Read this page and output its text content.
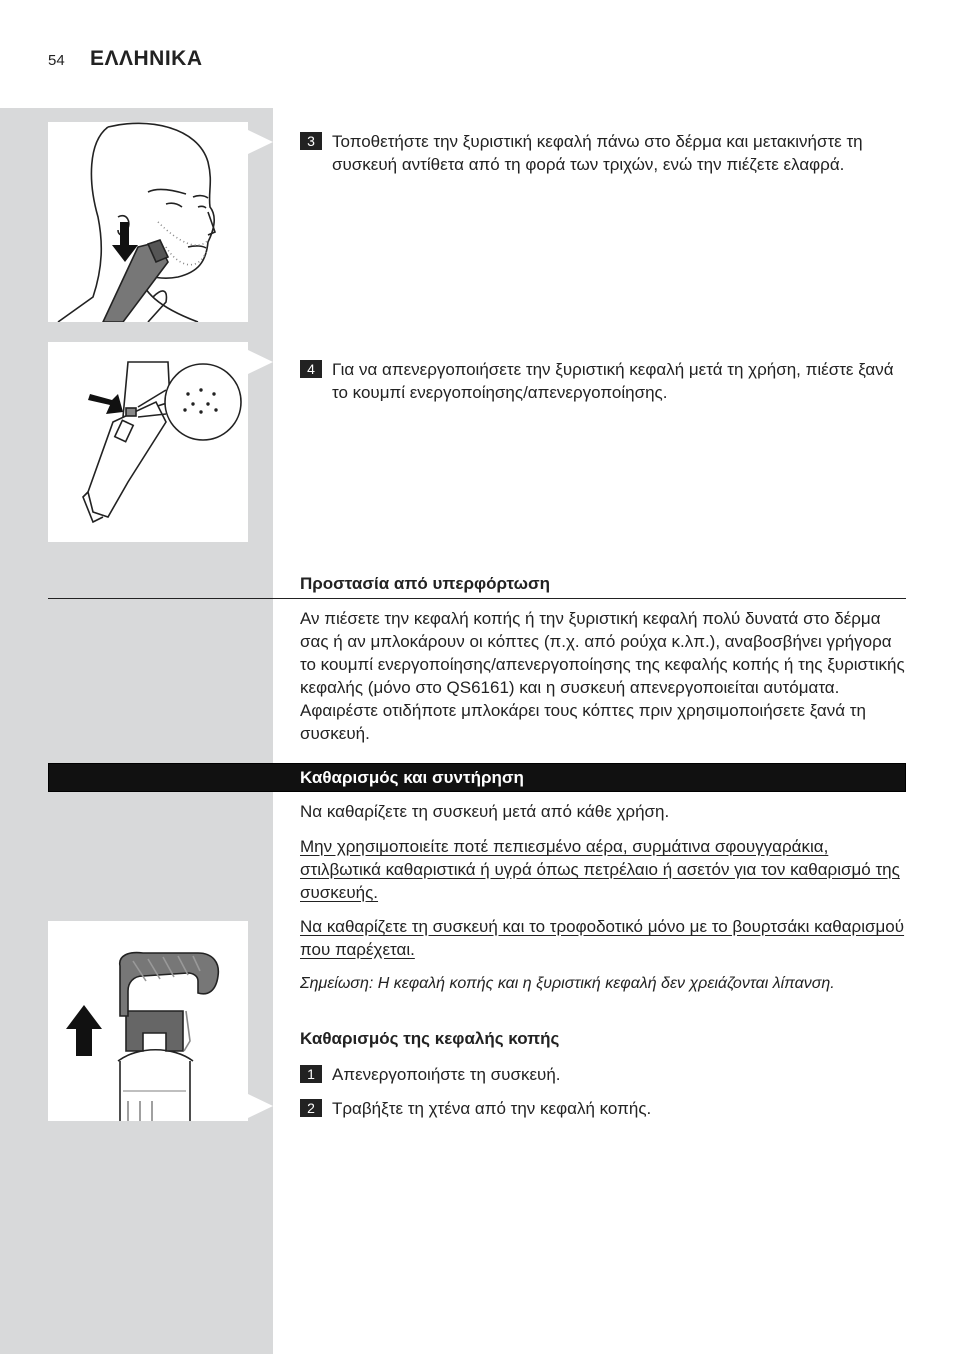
54 ΕΛΛΗΝΙΚΑ
3	Τοποθετήστε την ξυριστική κεφαλή πάνω στο δέρμα και μετακινήστε τη συσκευή αντίθετα από τη φορά των τριχών, ενώ την πιέζετε ελαφρά.
4	Για να απενεργοποιήσετε την ξυριστική κεφαλή μετά τη χρήση, πιέστε ξανά το κουμπί ενεργοποίησης/απενεργοποίησης.
Προστασία από υπερφόρτωση
Αν πιέσετε την κεφαλή κοπής ή την ξυριστική κεφαλή πολύ δυνατά στο δέρμα σας ή αν μπλοκάρουν οι κόπτες (π.χ. από ρούχα κ.λπ.), αναβοσβήνει γρήγορα το κουμπί ενεργοποίησης/απενεργοποίησης της κεφαλής κοπής ή της ξυριστικής κεφαλής (μόνο στο QS6161) και η συσκευή απενεργοποιείται αυτόματα. Αφαιρέστε οτιδήποτε μπλοκάρει τους κόπτες πριν χρησιμοποιήσετε ξανά τη συσκευή.
Καθαρισμός και συντήρηση
Να καθαρίζετε τη συσκευή μετά από κάθε χρήση.
Μην χρησιμοποιείτε ποτέ πεπιεσμένο αέρα, συρμάτινα σφουγγαράκια, στιλβωτικά καθαριστικά ή υγρά όπως πετρέλαιο ή ασετόν για τον καθαρισμό της συσκευής.
Να καθαρίζετε τη συσκευή και το τροφοδοτικό μόνο με το βουρτσάκι καθαρισμού που παρέχεται.
Σημείωση: Η κεφαλή κοπής και η ξυριστική κεφαλή δεν χρειάζονται λίπανση.
Καθαρισμός της κεφαλής κοπής
1	Απενεργοποιήστε τη συσκευή.
2	Τραβήξτε τη χτένα από την κεφαλή κοπής.
